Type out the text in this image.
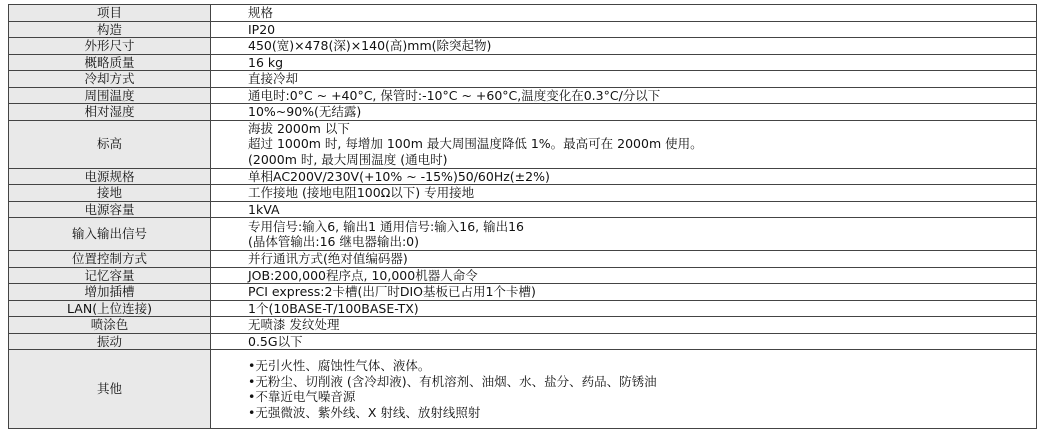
项目	规格
构造	IP20
外形尺寸	450(宽)×478(深)×140(高)mm(除突起物)
概略质量	16 kg
冷却方式	直接冷却
周围温度	通电时:0°C ~ +40°C, 保管时:-10°C ~ +60°C,温度变化在0.3°C/分以下
相对湿度	10%~90%(无结露)
标高	海拔 2000m 以下
超过 1000m 时, 每增加 100m 最大周围温度降低 1%。最高可在 2000m 使用。
(2000m 时, 最大周围温度 (通电时)

电源规格	单相AC200V/230V(+10% ~ -15%)50/60Hz(±2%)
接地	工作接地 (接地电阻100Ω以下) 专用接地
电源容量	1kVA
输入输出信号	专用信号:输入6, 输出1 通用信号:输入16, 输出16
(晶体管输出:16 继电器输出:0)

位置控制方式	并行通讯方式(绝对值编码器)
记忆容量	JOB:200,000程序点, 10,000机器人命令
增加插槽	PCI express:2卡槽(出厂时DIO基板已占用1个卡槽)
LAN(上位连接)	1个(10BASE-T/100BASE-TX)
喷涂色	无喷漆 发纹处理
振动	0.5G以下
其他	•无引火性、腐蚀性气体、液体。
•无粉尘、切削液 (含冷却液)、有机溶剂、油烟、水、盐分、药品、防锈油
•不靠近电气噪音源
•无强微波、紫外线、X 射线、放射线照射
